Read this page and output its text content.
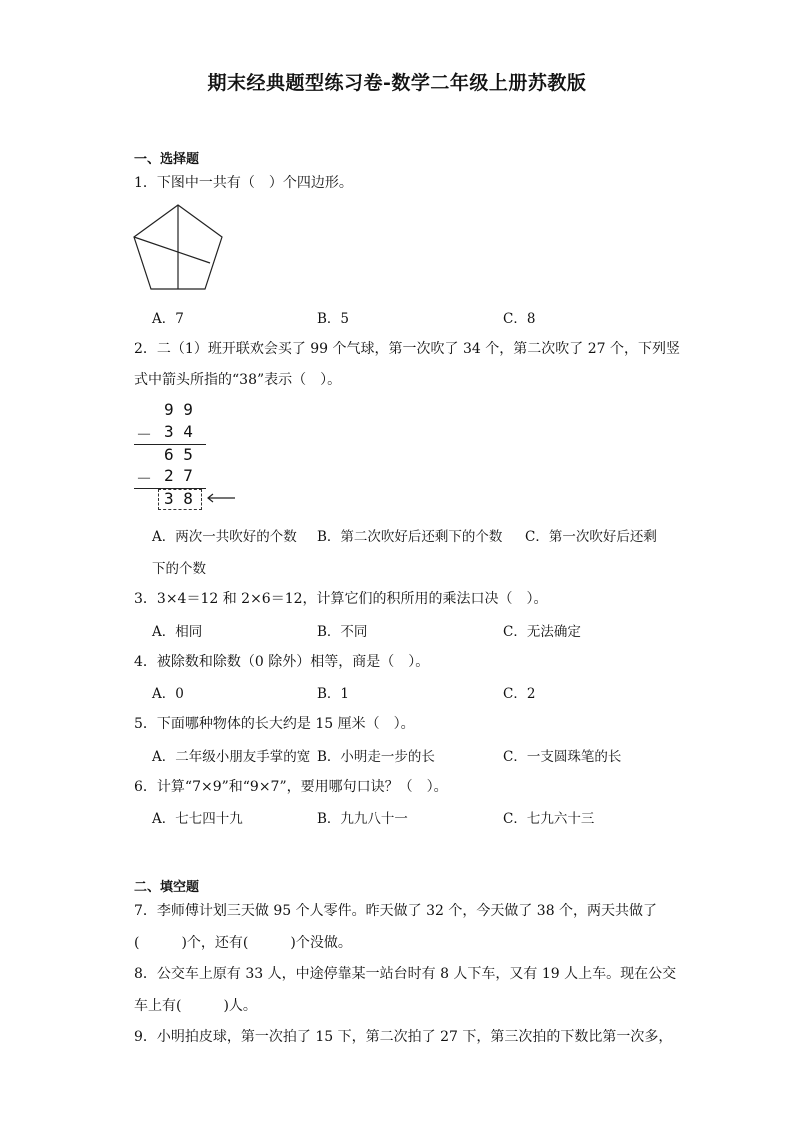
期末经典题型练习卷-数学二年级上册苏教版
一、选择题
1．下图中一共有（　）个四边形。
A．7	B．5	C．8
2．二（1）班开联欢会买了 99 个气球，第一次吹了 34 个，第二次吹了 27 个，下列竖
式中箭头所指的“38”表示（　）。
9 9
－ 3 4
6 5
－ 2 7
3 8
A．两次一共吹好的个数 B．第二次吹好后还剩下的个数 C．第一次吹好后还剩
下的个数
3．3×4＝12 和 2×6＝12，计算它们的积所用的乘法口决（　）。
A．相同	B．不同	C．无法确定
4．被除数和除数（0 除外）相等，商是（　）。
A．0	B．1	C．2
5．下面哪种物体的长大约是 15 厘米（　）。
A．二年级小朋友手掌的宽 B．小明走一步的长	C．一支圆珠笔的长
6．计算“7×9”和“9×7”，要用哪句口诀？（　）。
A．七七四十九	B．九九八十一	C．七九六十三
二、填空题
7．李师傅计划三天做 95 个人零件。昨天做了 32 个，今天做了 38 个，两天共做了
(　　　)个，还有(　　　)个没做。
8．公交车上原有 33 人，中途停靠某一站台时有 8 人下车，又有 19 人上车。现在公交
车上有(　　　)人。
9．小明拍皮球，第一次拍了 15 下，第二次拍了 27 下，第三次拍的下数比第一次多，
